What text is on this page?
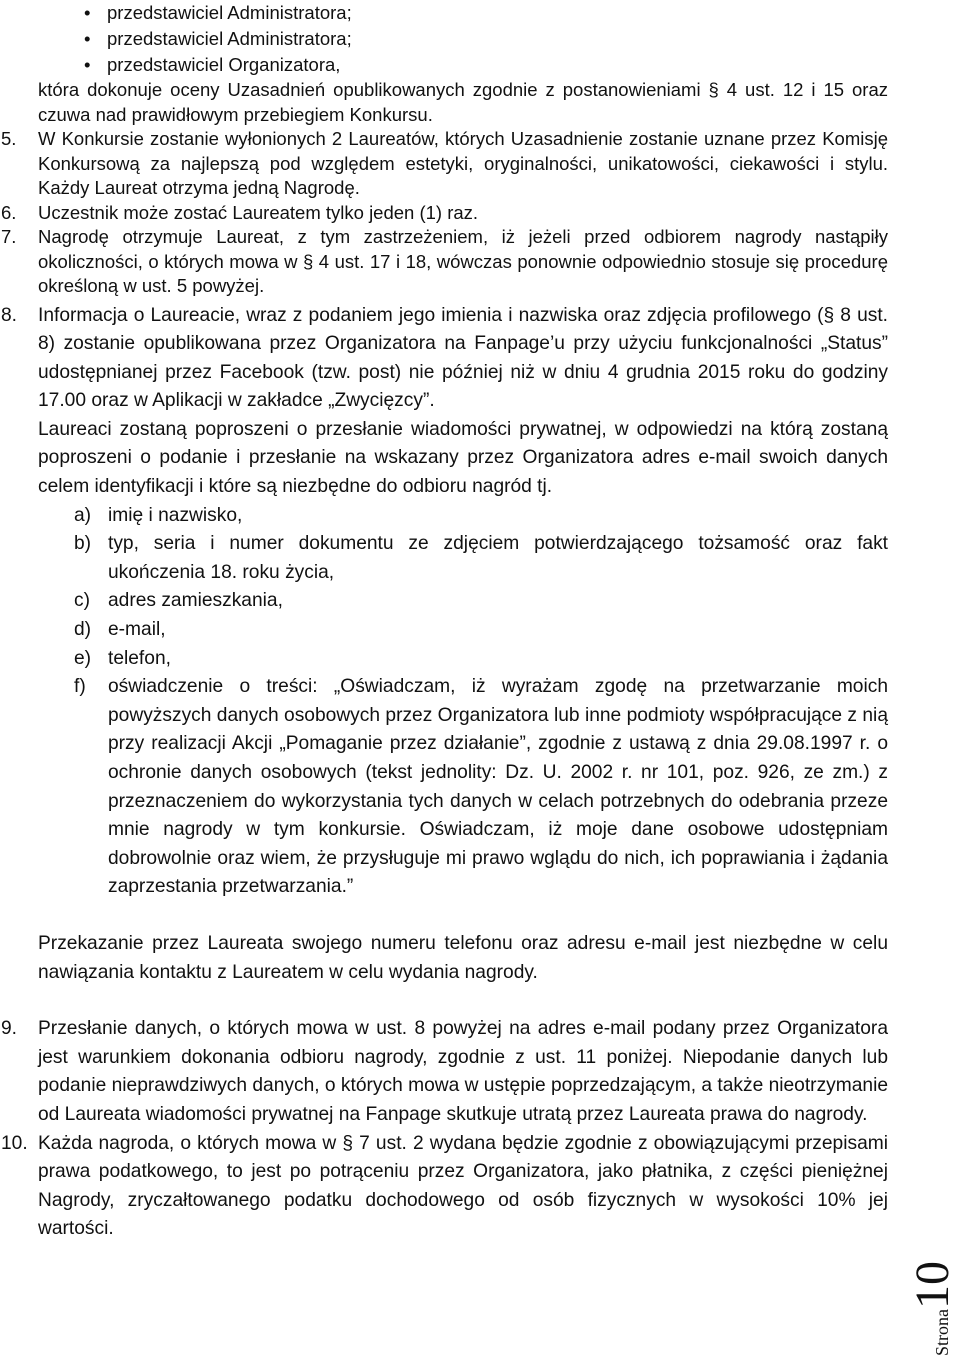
• przedstawiciel Administratora;
• przedstawiciel Administratora;
• przedstawiciel Organizatora,

która dokonuje oceny Uzasadnień opublikowanych zgodnie z postanowieniami § 4 ust. 12 i 15 oraz czuwa nad prawidłowym przebiegiem Konkursu.

5. W Konkursie zostanie wyłonionych 2 Laureatów, których Uzasadnienie zostanie uznane przez Komisję Konkursową za najlepszą pod względem estetyki, oryginalności, unikatowości, ciekawości i stylu. Każdy Laureat otrzyma jedną Nagrodę.
6. Uczestnik może zostać Laureatem tylko jeden (1) raz.
7. Nagrodę otrzymuje Laureat, z tym zastrzeżeniem, iż jeżeli przed odbiorem nagrody nastąpiły okoliczności, o których mowa w § 4 ust. 17 i 18, wówczas ponownie odpowiednio stosuje się procedurę określoną w ust. 5 powyżej.
8. Informacja o Laureacie, wraz z podaniem jego imienia i nazwiska oraz zdjęcia profilowego (§ 8 ust. 8) zostanie opublikowana przez Organizatora na Fanpage’u przy użyciu funkcjonalności „Status” udostępnianej przez Facebook (tzw. post) nie później niż w dniu 4 grudnia 2015 roku do godziny 17.00 oraz w Aplikacji w zakładce „Zwycięzcy”.

Laureaci zostaną poproszeni o przesłanie wiadomości prywatnej, w odpowiedzi na którą zostaną poproszeni o podanie i przesłanie na wskazany przez Organizatora adres e-mail swoich danych celem identyfikacji i które są niezbędne do odbioru nagród tj.

a) imię i nazwisko,
b) typ, seria i numer dokumentu ze zdjęciem potwierdzającego tożsamość oraz fakt ukończenia 18. roku życia,
c) adres zamieszkania,
d) e-mail,
e) telefon,
f) oświadczenie o treści: „Oświadczam, iż wyrażam zgodę na przetwarzanie moich powyższych danych osobowych przez Organizatora lub inne podmioty współpracujące z nią przy realizacji Akcji „Pomaganie przez działanie”, zgodnie z ustawą z dnia 29.08.1997 r. o ochronie danych osobowych (tekst jednolity: Dz. U. 2002 r. nr 101, poz. 926, ze zm.) z przeznaczeniem do wykorzystania tych danych w celach potrzebnych do odebrania przeze mnie nagrody w tym konkursie. Oświadczam, iż moje dane osobowe udostępniam dobrowolnie oraz wiem, że przysługuje mi prawo wglądu do nich, ich poprawiania i żądania zaprzestania przetwarzania.”

Przekazanie przez Laureata swojego numeru telefonu oraz adresu e-mail jest niezbędne w celu nawiązania kontaktu z Laureatem w celu wydania nagrody.

9. Przesłanie danych, o których mowa w ust. 8 powyżej na adres e-mail podany przez Organizatora jest warunkiem dokonania odbioru nagrody, zgodnie z ust. 11 poniżej. Niepodanie danych lub podanie nieprawdziwych danych, o których mowa w ustępie poprzedzającym, a także nieotrzymanie od Laureata wiadomości prywatnej na Fanpage skutkuje utratą przez Laureata prawa do nagrody.
10. Każda nagroda, o których mowa w § 7 ust. 2 wydana będzie zgodnie z obowiązującymi przepisami prawa podatkowego, to jest po potrąceniu przez Organizatora, jako płatnika, z części pieniężnej Nagrody, zryczałtowanego podatku dochodowego od osób fizycznych w wysokości 10% jej wartości.
Strona10
